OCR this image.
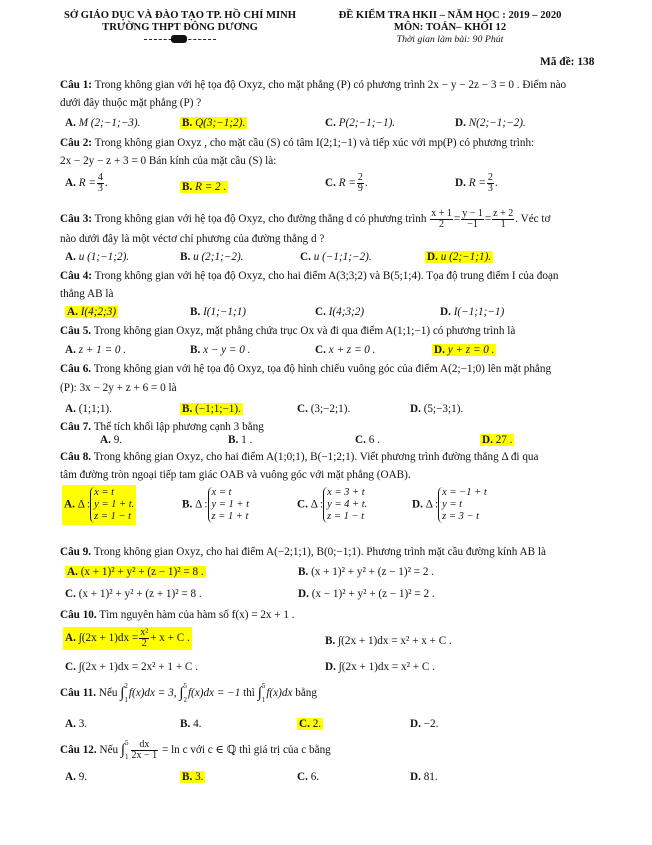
SỞ GIÁO DỤC VÀ ĐÀO TẠO TP. HỒ CHÍ MINH
TRƯỜNG THPT ĐÔNG DƯƠNG
ĐỀ KIỂM TRA HKII – NĂM HỌC : 2019 – 2020
MÔN: TOÁN– KHỐI 12
Thời gian làm bài: 90 Phút
Mã đề: 138
Câu 1: Trong không gian với hệ tọa độ Oxyz, cho mặt phẳng (P) có phương trình 2x − y − 2z − 3 = 0 . Điểm nào
dưới đây thuộc mặt phẳng (P) ?
A. M (2;−1;−3).	B. Q(3;−1;2).	C. P(2;−1;−1).	D. N(2;−1;−2).
Câu 2: Trong không gian Oxyz , cho mặt cầu (S) có tâm I(2;1;−1) và tiếp xúc với mp(P) có phương trình:
2x − 2y − z + 3 = 0 Bán kính của mặt cầu (S) là:
A. $R = \frac{4}{3}$ .	B. R = 2 .	C. $R = \frac{2}{9}$ .	D. $R = \frac{2}{3}$ .
Câu 3: Trong không gian với hệ tọa độ Oxyz, cho đường thẳng d có phương trình $\frac{x + 1}{2} = \frac{y - 1}{-1} = \frac{z + 2}{1}$ . Véc tơ
nào dưới đây là một véctơ chỉ phương của đường thẳng d ?
A. u (1;−1;2).	B. u (2;1;−2).	C. u (−1;1;−2).	D. u (2;−1;1).
Câu 4: Trong không gian với hệ tọa độ Oxyz, cho hai điểm A(3;3;2) và B(5;1;4). Tọa độ trung điểm I của đoạn
thẳng AB là
A. I(4;2;3)	B. I(1;−1;1)	C. I(4;3;2)	D. I(−1;1;−1)
Câu 5. Trong không gian Oxyz, mặt phẳng chứa trục Ox và đi qua điểm A(1;1;−1) có phương trình là
A. z + 1 = 0 .	B. x − y = 0 .	C. x + z = 0 .	D. y + z = 0 .
Câu 6. Trong không gian với hệ tọa độ Oxyz, tọa độ hình chiếu vuông góc của điểm A(2;−1;0) lên mặt phẳng
(P): 3x − 2y + z + 6 = 0 là
A. (1;1;1).	B. (−1;1;−1).	C. (3;−2;1).	D. (5;−3;1).
Câu 7. Thể tích khối lập phương cạnh 3 bằng
A. 9.	B. 1 .	C. 6 .	D. 27 .
Câu 8. Trong không gian Oxyz, cho hai điểm A(1;0;1), B(−1;2;1). Viết phương trình đường thẳng Δ đi qua
tâm đường tròn ngoại tiếp tam giác OAB và vuông góc với mặt phẳng (OAB).
A. Δ :x = t
y = 1 + t.
z = 1 − t
B. Δ :x = t
y = 1 + t
z = 1 + t
C. Δ :x = 3 + t
y = 4 + t.
z = 1 − t
D. Δ :x = −1 + t
y = t
z = 3 − t
Câu 9. Trong không gian Oxyz, cho hai điểm A(−2;1;1), B(0;−1;1). Phương trình mặt cầu đường kính AB là
A. (x + 1)² + y² + (z − 1)² = 8 .	B. (x + 1)² + y² + (z − 1)² = 2 .
C. (x + 1)² + y² + (z + 1)² = 8 .	D. (x − 1)² + y² + (z − 1)² = 2 .
Câu 10. Tìm nguyên hàm của hàm số f(x) = 2x + 1 .
A. $\int(2x + 1)dx = \frac{\text{x²}}{2} + x + C$ .	B. ∫(2x + 1)dx = x² + x + C .
C. ∫(2x + 1)dx = 2x² + 1 + C .	D. ∫(2x + 1)dx = x² + C .
Câu 11. Nếu ∫2

1f(x)dx = 3, ∫5

2f(x)dx = −1 thì ∫5

1f(x)dx bằng
A. 3.	B. 4.	C. 2.	D. −2.
Câu 12. Nếu ∫5

$1 \frac{dx}{2x - 1} = \ln c$ với c ∈ ℚ thì giá trị của c bằng
A. 9.	B. 3.	C. 6.	D. 81.
